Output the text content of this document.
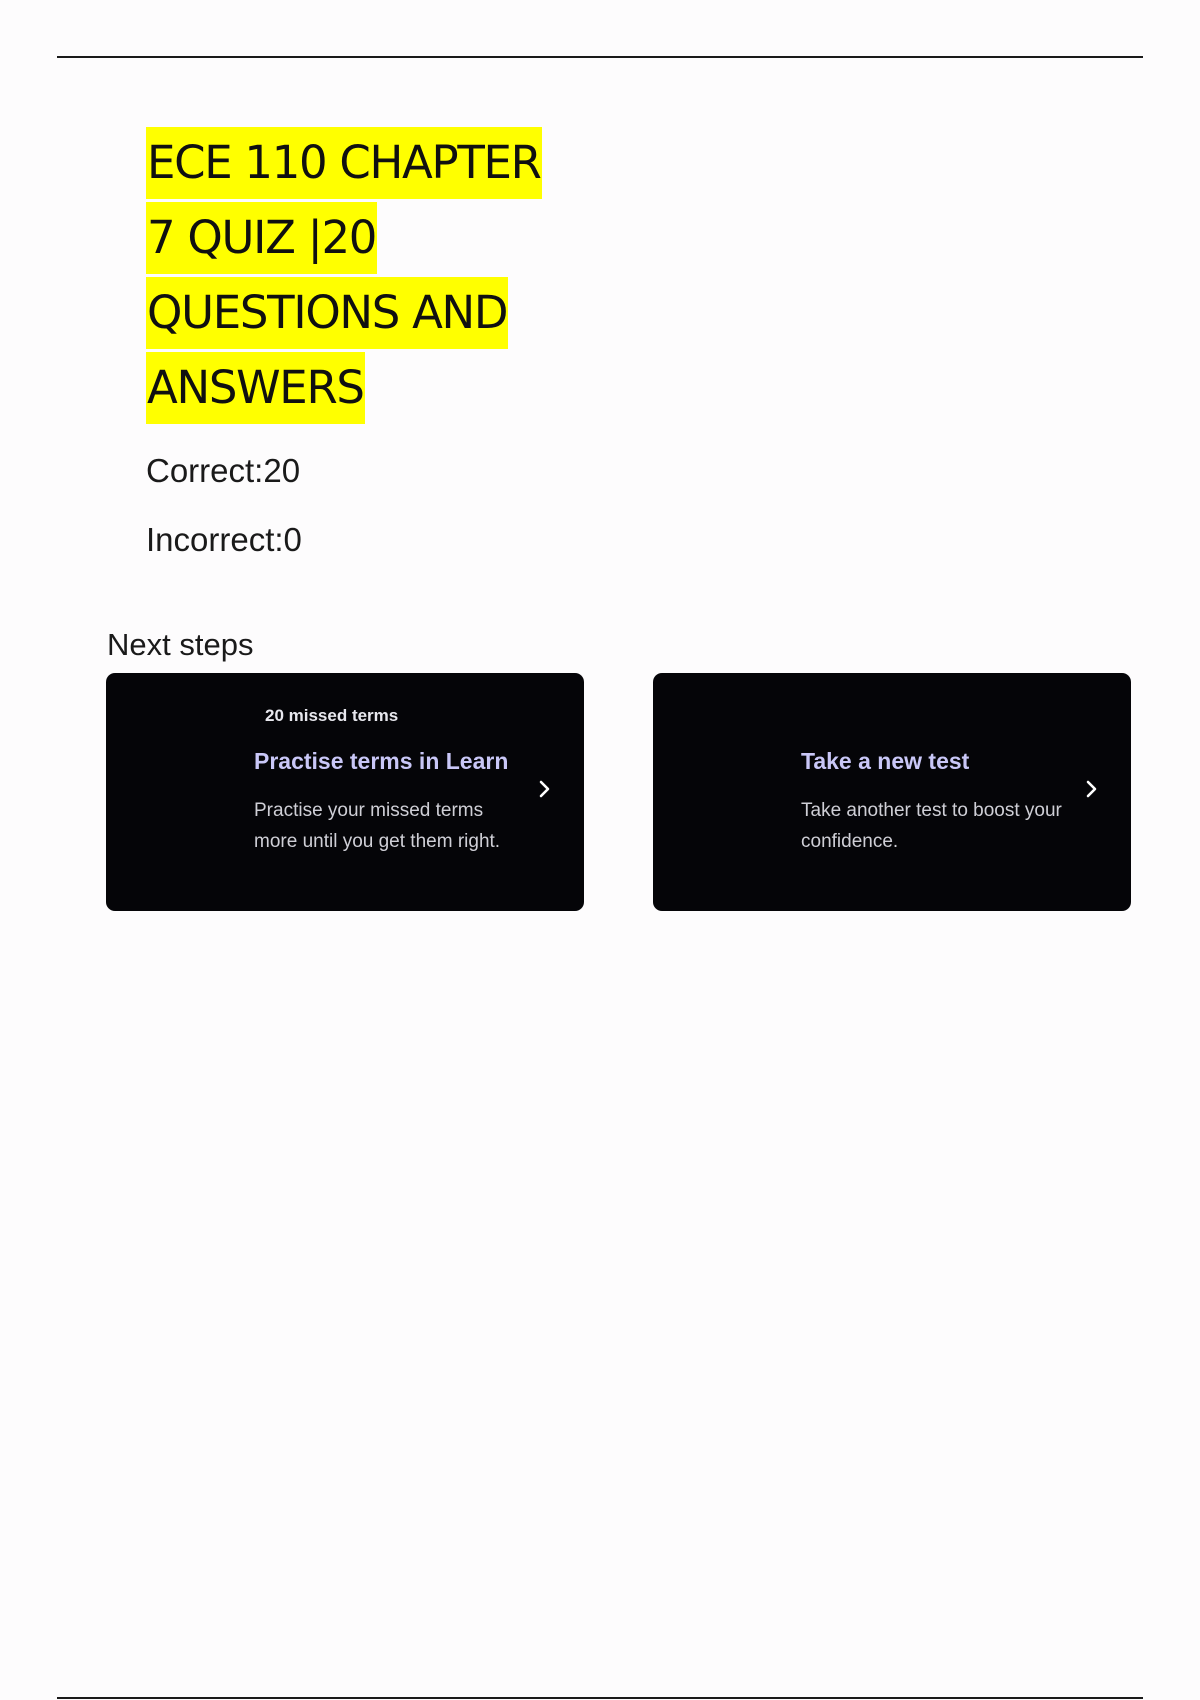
ECE 110 CHAPTER
7 QUIZ |20
QUESTIONS AND
ANSWERS
Correct:20
Incorrect:0
Next steps
20 missed terms
Practise terms in Learn
Practise your missed terms more until you get them right.
Take a new test
Take another test to boost your confidence.
